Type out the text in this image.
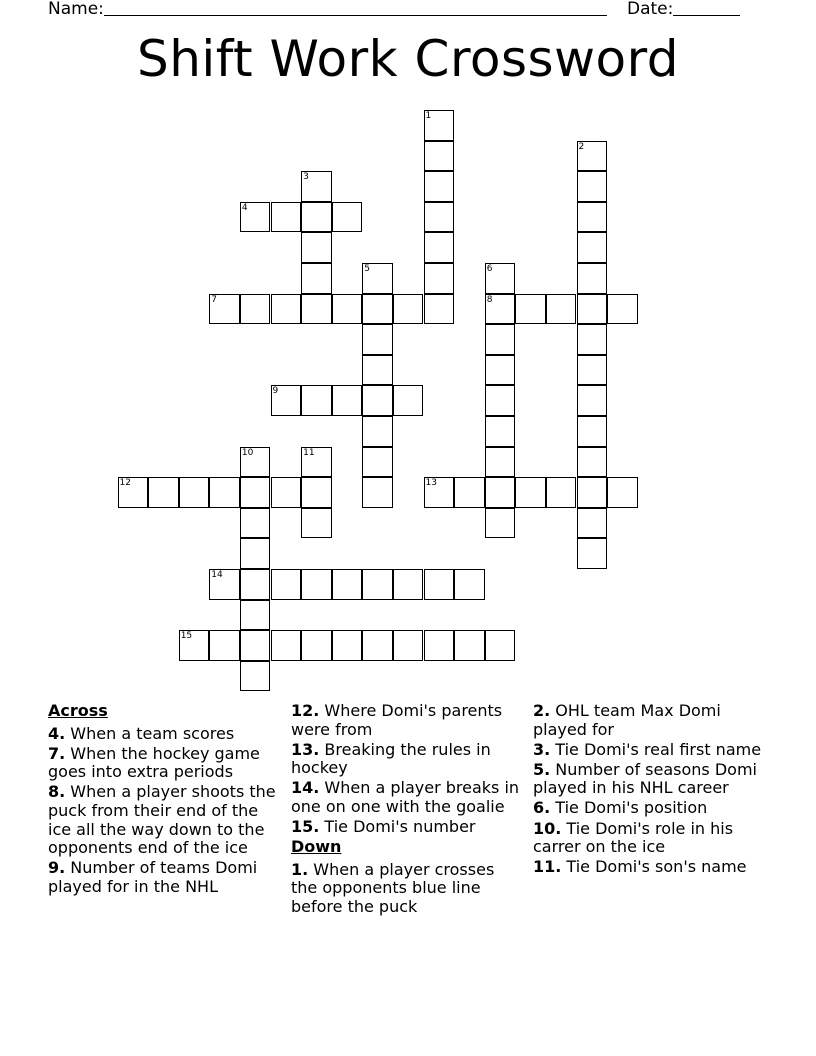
Name:	Date:
Shift Work Crossword
1
2
3
4
5	6
8
7
9
10	11
12	13
14
15
Across
4. When a team scores
7. When the hockey game goes into extra periods
8. When a player shoots the puck from their end of the ice all the way down to the opponents end of the ice
9. Number of teams Domi played for in the NHL
12. Where Domi's parents were from
13. Breaking the rules in hockey
14. When a player breaks in one on one with the goalie
15. Tie Domi's number
Down
1. When a player crosses the opponents blue line before the puck
2. OHL team Max Domi played for
3. Tie Domi's real first name
5. Number of seasons Domi played in his NHL career
6. Tie Domi's position
10. Tie Domi's role in his carrer on the ice
11. Tie Domi's son's name
